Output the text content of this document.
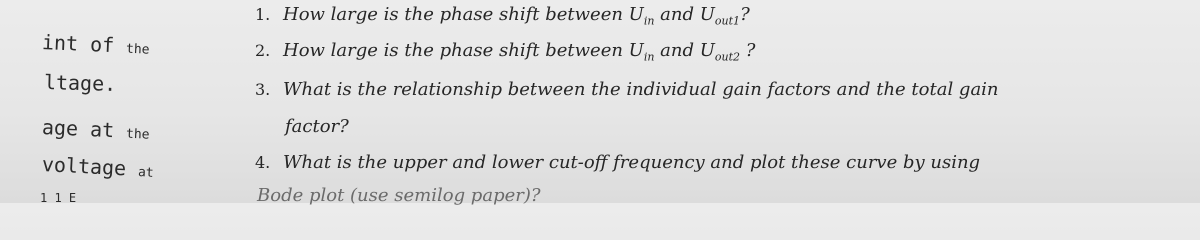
int of the
ltage.
age at the
voltage at
1 1 E
1. How large is the phase shift between $U_{in}$ and $U_{out1}$?
2. How large is the phase shift between $U_{in}$ and $U_{out2}$ ?
3. What is the relationship between the individual gain factors and the total gain
factor?
4. What is the upper and lower cut-off frequency and plot these curve by using
Bode plot (use semilog paper)?
